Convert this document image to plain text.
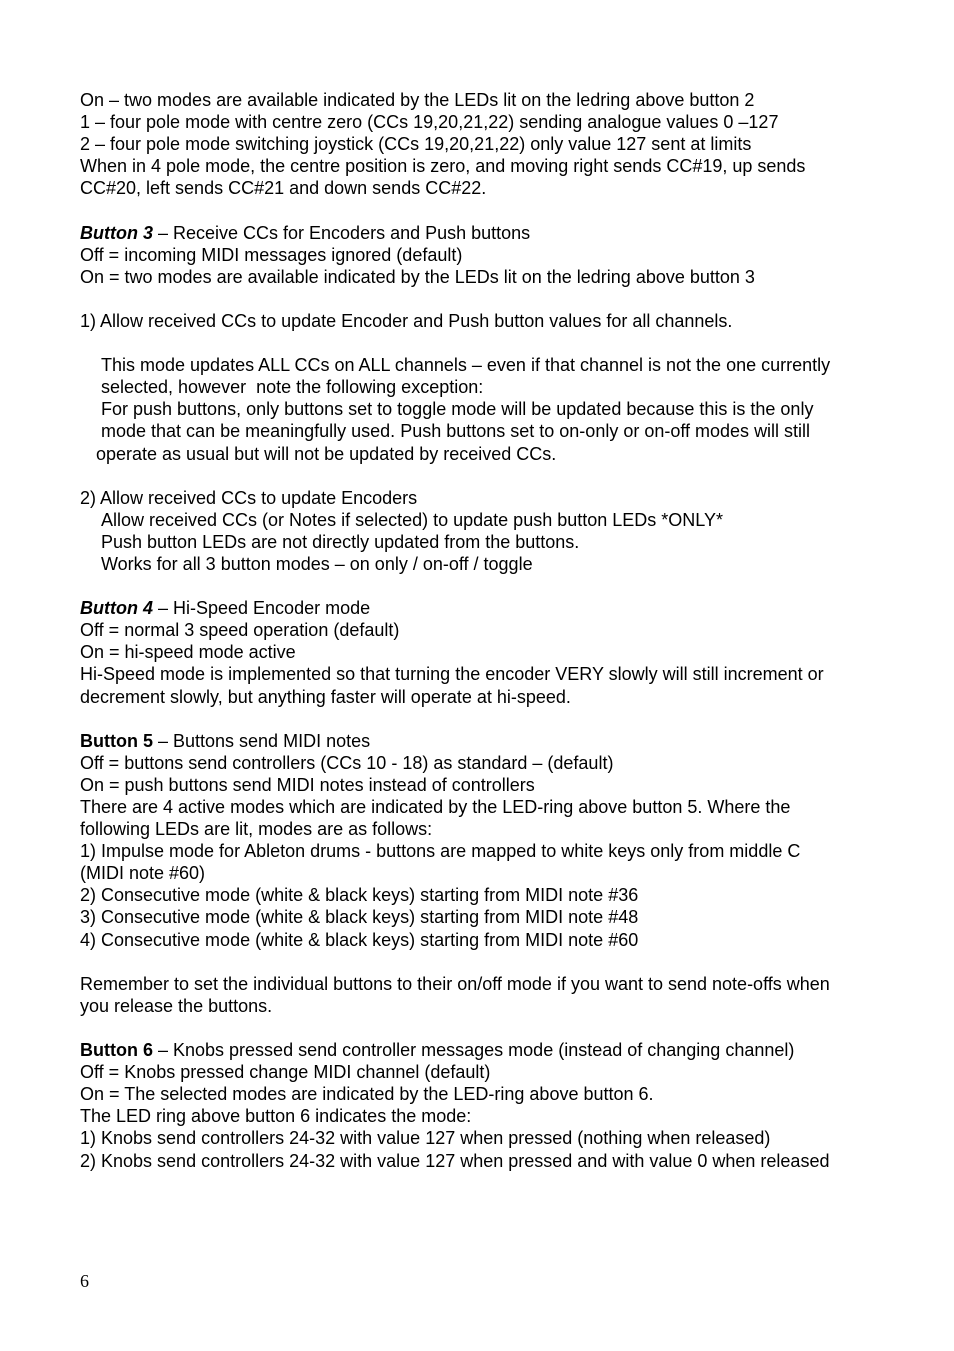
On – two modes are available indicated by the LEDs lit on the ledring above button 2
1 – four pole mode with centre zero (CCs 19,20,21,22) sending analogue values 0 –127
2 – four pole mode switching joystick (CCs 19,20,21,22) only value 127 sent at limits
When in 4 pole mode, the centre position is zero, and moving right sends CC#19, up sends
CC#20, left sends CC#21 and down sends CC#22.
Button 3 – Receive CCs for Encoders and Push buttons
Off = incoming MIDI messages ignored (default)
On = two modes are available indicated by the LEDs lit on the ledring above button 3
1) Allow received CCs to update Encoder and Push button values for all channels.
This mode updates ALL CCs on ALL channels – even if that channel is not the one currently
selected, however  note the following exception:
For push buttons, only buttons set to toggle mode will be updated because this is the only
mode that can be meaningfully used. Push buttons set to on-only or on-off modes will still
operate as usual but will not be updated by received CCs.
2) Allow received CCs to update Encoders
Allow received CCs (or Notes if selected) to update push button LEDs *ONLY*
Push button LEDs are not directly updated from the buttons.
Works for all 3 button modes – on only / on-off / toggle
Button 4 – Hi-Speed Encoder mode
Off = normal 3 speed operation (default)
On = hi-speed mode active
Hi-Speed mode is implemented so that turning the encoder VERY slowly will still increment or
decrement slowly, but anything faster will operate at hi-speed.
Button 5 – Buttons send MIDI notes
Off = buttons send controllers (CCs 10 - 18) as standard – (default)
On = push buttons send MIDI notes instead of controllers
There are 4 active modes which are indicated by the LED-ring above button 5. Where the
following LEDs are lit, modes are as follows:
1) Impulse mode for Ableton drums - buttons are mapped to white keys only from middle C
(MIDI note #60)
2) Consecutive mode (white & black keys) starting from MIDI note #36
3) Consecutive mode (white & black keys) starting from MIDI note #48
4) Consecutive mode (white & black keys) starting from MIDI note #60
Remember to set the individual buttons to their on/off mode if you want to send note-offs when
you release the buttons.
Button 6 – Knobs pressed send controller messages mode (instead of changing channel)
Off = Knobs pressed change MIDI channel (default)
On = The selected modes are indicated by the LED-ring above button 6.
The LED ring above button 6 indicates the mode:
1) Knobs send controllers 24-32 with value 127 when pressed (nothing when released)
2) Knobs send controllers 24-32 with value 127 when pressed and with value 0 when released
6
